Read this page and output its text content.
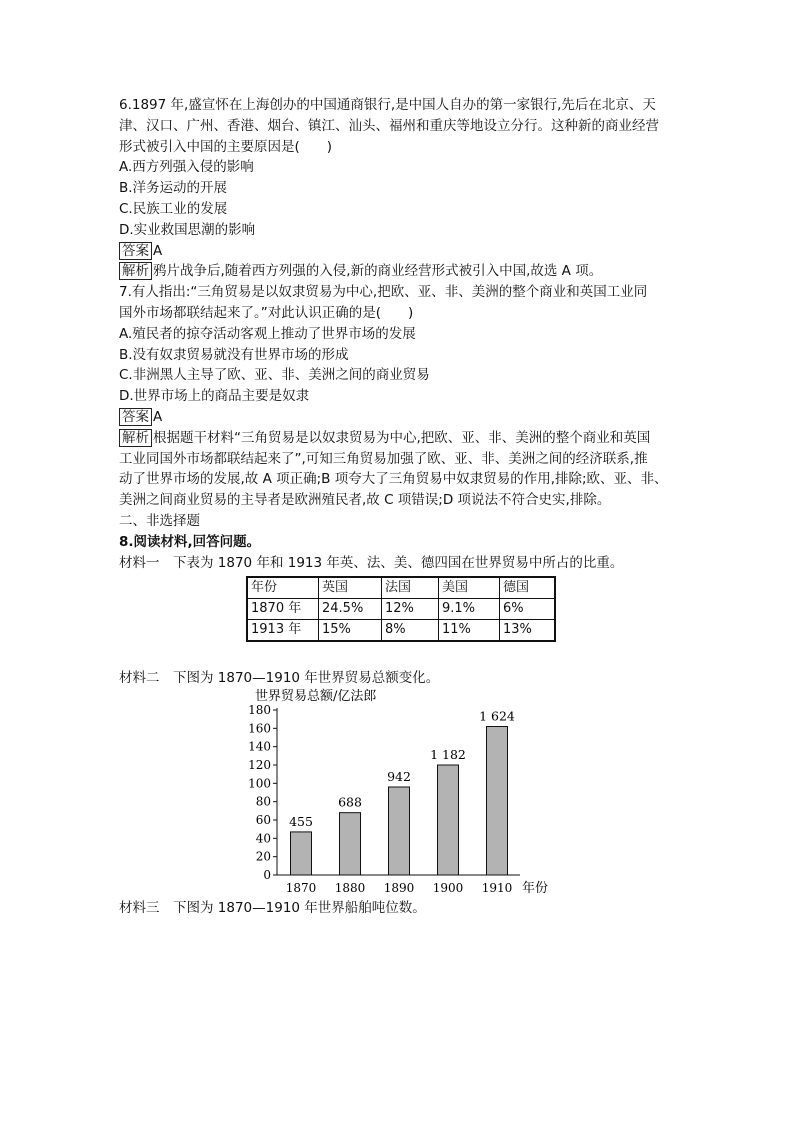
6.1897 年,盛宣怀在上海创办的中国通商银行,是中国人自办的第一家银行,先后在北京、天
津、汉口、广州、香港、烟台、镇江、汕头、福州和重庆等地设立分行。这种新的商业经营
形式被引入中国的主要原因是(　　)
A.西方列强入侵的影响
B.洋务运动的开展
C.民族工业的发展
D.实业救国思潮的影响
答案 A
解析 鸦片战争后,随着西方列强的入侵,新的商业经营形式被引入中国,故选 A 项。
7.有人指出:“三角贸易是以奴隶贸易为中心,把欧、亚、非、美洲的整个商业和英国工业同
国外市场都联结起来了。”对此认识正确的是(　　)
A.殖民者的掠夺活动客观上推动了世界市场的发展
B.没有奴隶贸易就没有世界市场的形成
C.非洲黑人主导了欧、亚、非、美洲之间的商业贸易
D.世界市场上的商品主要是奴隶
答案 A
解析 根据题干材料“三角贸易是以奴隶贸易为中心,把欧、亚、非、美洲的整个商业和英国
工业同国外市场都联结起来了”,可知三角贸易加强了欧、亚、非、美洲之间的经济联系,推
动了世界市场的发展,故 A 项正确;B 项夸大了三角贸易中奴隶贸易的作用,排除;欧、亚、非、
美洲之间商业贸易的主导者是欧洲殖民者,故 C 项错误;D 项说法不符合史实,排除。
二、非选择题
8.阅读材料,回答问题。
材料一　下表为 1870 年和 1913 年英、法、美、德四国在世界贸易中所占的比重。
年份	英国	法国	美国	德国
1870 年	24.5%	12%	9.1%	6%
1913 年	15%	8%	11%	13%
材料二　下图为 1870—1910 年世界贸易总额变化。
世界贸易总额/亿法郎
0
20
40
60
80
100
120
140
160
180
455
1870
688
1880
942
1890
1 182
1900
1 624
1910 年份
材料三　下图为 1870—1910 年世界船舶吨位数。
